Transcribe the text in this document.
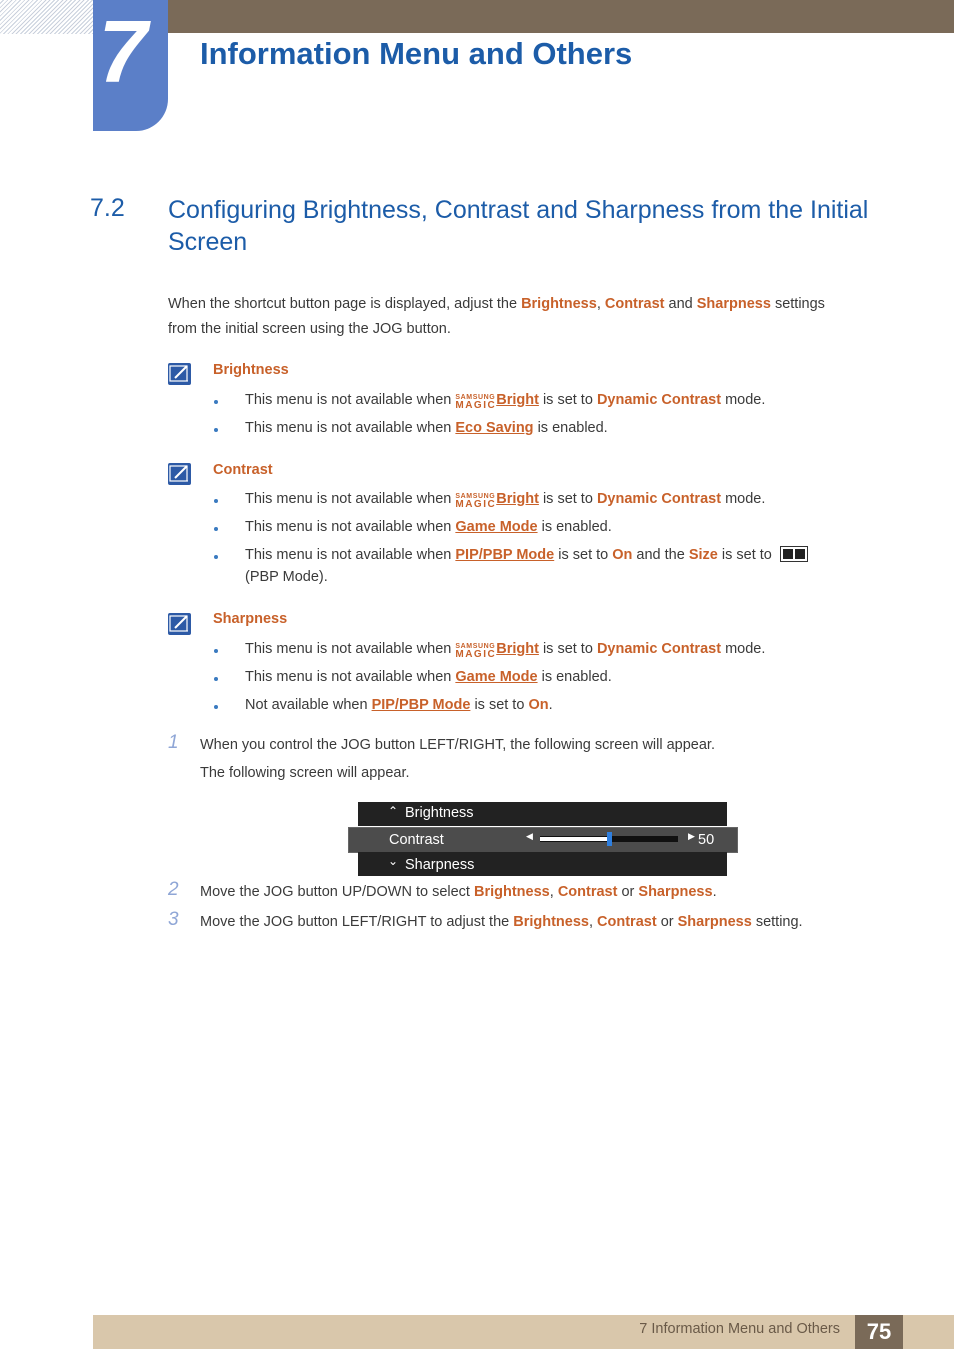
7 Information Menu and Others
7.2 Configuring Brightness, Contrast and Sharpness from the Initial Screen
When the shortcut button page is displayed, adjust the Brightness, Contrast and Sharpness settings
from the initial screen using the JOG button.
Brightness
This menu is not available when SAMSUNG
MAGIC Bright is set to Dynamic Contrast mode.
This menu is not available when Eco Saving is enabled.
Contrast
This menu is not available when SAMSUNG
MAGIC Bright is set to Dynamic Contrast mode.
This menu is not available when Game Mode is enabled.
This menu is not available when PIP/PBP Mode is set to On and the Size is set to
(PBP Mode).
Sharpness
This menu is not available when SAMSUNG
MAGIC Bright is set to Dynamic Contrast mode.
This menu is not available when Game Mode is enabled.
Not available when PIP/PBP Mode is set to On.
1 When you control the JOG button LEFT/RIGHT, the following screen will appear.
The following screen will appear.
⌃ Brightness
Contrast	◀	▶ 50
⌄ Sharpness
2 Move the JOG button UP/DOWN to select Brightness, Contrast or Sharpness.
3 Move the JOG button LEFT/RIGHT to adjust the Brightness, Contrast or Sharpness setting.
7 Information Menu and Others	75
